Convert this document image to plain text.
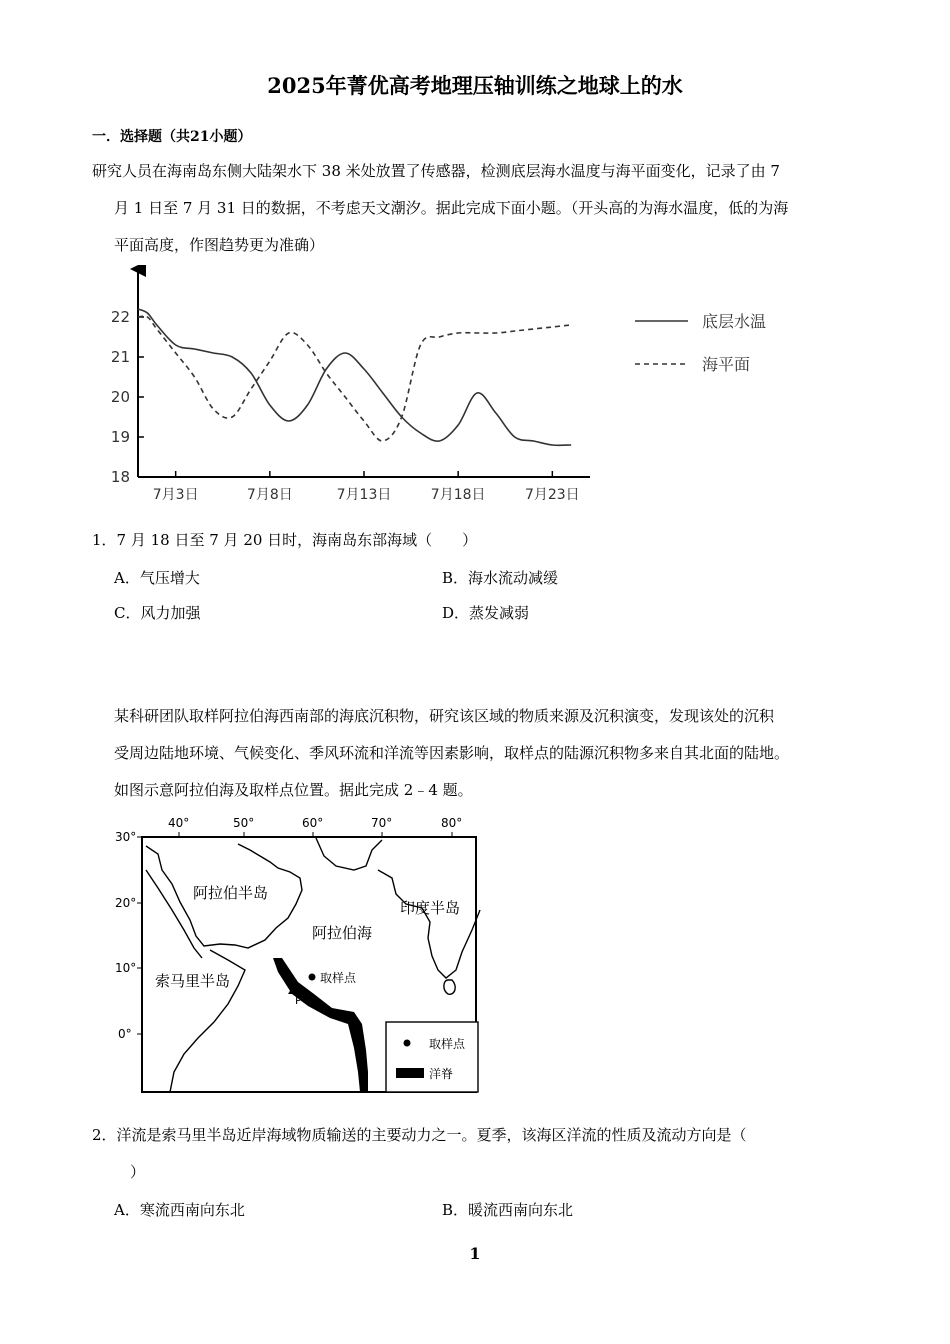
2025年菁优高考地理压轴训练之地球上的水
一．选择题（共21小题）
研究人员在海南岛东侧大陆架水下 38 米处放置了传感器，检测底层海水温度与海平面变化，记录了由 7
月 1 日至 7 月 31 日的数据，不考虑天文潮汐。据此完成下面小题。（开头高的为海水温度，低的为海
平面高度，作图趋势更为准确）
22
21
20
19
18
7月3日	7月8日	7月13日	7月18日	7月23日
底层水温
海平面
1．7 月 18 日至 7 月 20 日时，海南岛东部海域（　　）
A．气压增大	B．海水流动减缓
C．风力加强	D．蒸发减弱
某科研团队取样阿拉伯海西南部的海底沉积物，研究该区域的物质来源及沉积演变，发现该处的沉积
受周边陆地环境、气候变化、季风环流和洋流等因素影响，取样点的陆源沉积物多来自其北面的陆地。
如图示意阿拉伯海及取样点位置。据此完成 2﹣4 题。
40°	50°	60°	70°	80°
30°
20°
10°
0°
取样点
P
阿拉伯半岛
阿拉伯海
印度半岛
索马里半岛
取样点
洋脊
2．洋流是索马里半岛近岸海域物质输送的主要动力之一。夏季，该海区洋流的性质及流动方向是（
）
A．寒流西南向东北	B．暖流西南向东北
1
